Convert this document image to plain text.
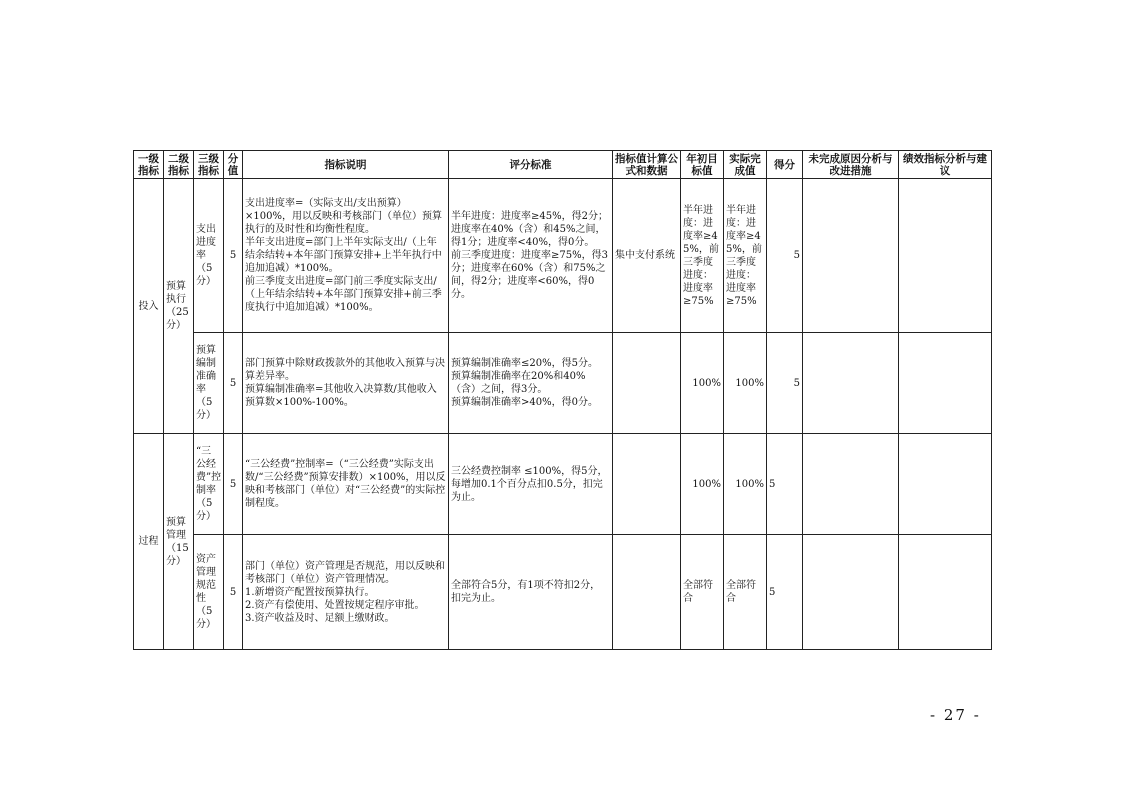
一级指标	二级指标	三级指标	分值	指标说明	评分标准	指标值计算公式和数据	年初目标值	实际完成值	得分	未完成原因分析与改进措施	绩效指标分析与建议
投入	预算执行（25分）	支出进度率（5分）	5	支出进度率=（实际支出/支出预算）×100%，用以反映和考核部门（单位）预算执行的及时性和均衡性程度。
半年支出进度=部门上半年实际支出/（上年结余结转+本年部门预算安排+上半年执行中追加追减）*100%。
前三季度支出进度=部门前三季度实际支出/（上年结余结转+本年部门预算安排+前三季度执行中追加追减）*100%。	半年进度：进度率≥45%，得2分；进度率在40%（含）和45%之间，得1分；进度率<40%，得0分。
前三季度进度：进度率≥75%，得3分；进度率在60%（含）和75%之间，得2分；进度率<60%，得0分。	集中支付系统	半年进度：进度率≥45%，前三季度进度：进度率≥75%	半年进度：进度率≥45%，前三季度进度：进度率≥75%	5		
		预算编制准确率（5分）	5	部门预算中除财政拨款外的其他收入预算与决算差异率。
预算编制准确率=其他收入决算数/其他收入预算数×100%-100%。	预算编制准确率≤20%，得5分。
预算编制准确率在20%和40%（含）之间，得3分。
预算编制准确率>40%，得0分。		100%	100%	5		
过程	预算管理（15分）	“三公经费”控制率（5分）	5	“三公经费”控制率=（“三公经费”实际支出数/“三公经费”预算安排数）×100%，用以反映和考核部门（单位）对“三公经费”的实际控制程度。	三公经费控制率 ≤100%，得5分，每增加0.1个百分点扣0.5分，扣完为止。		100%	100%	5		
		资产管理规范性（5分）	5	部门（单位）资产管理是否规范，用以反映和考核部门（单位）资产管理情况。
1.新增资产配置按预算执行。
2.资产有偿使用、处置按规定程序审批。
3.资产收益及时、足额上缴财政。	全部符合5分，有1项不符扣2分，扣完为止。		全部符合	全部符合	5		
- 27 -
